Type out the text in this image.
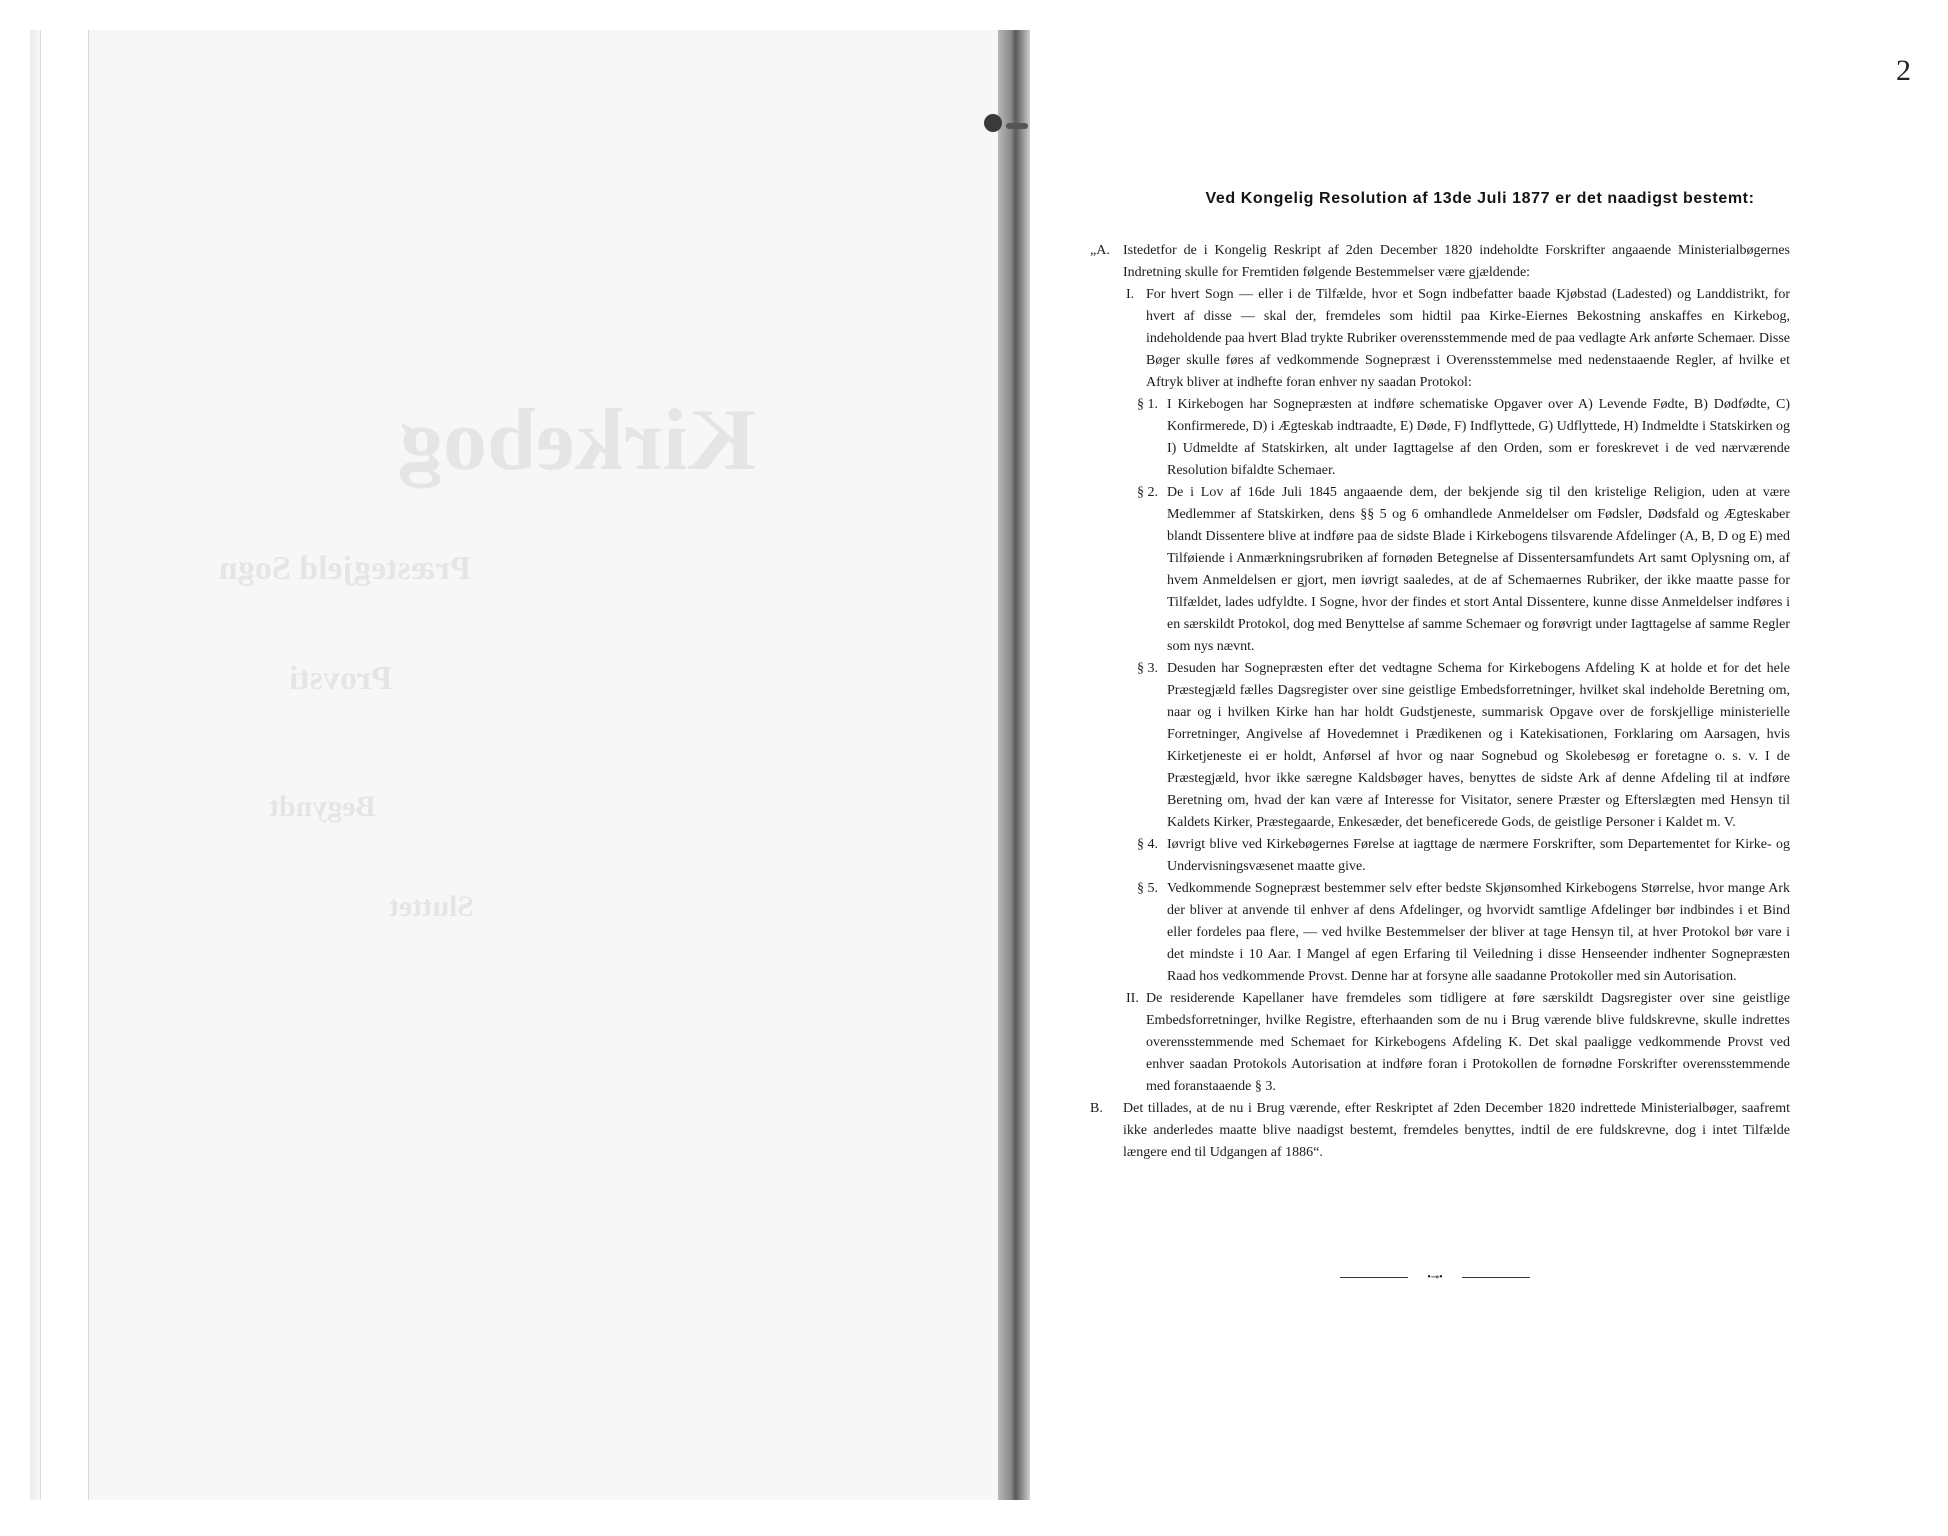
Kirkebog
Præstegjeld Sogn
Provsti
Begyndt
Sluttet
2
Ved Kongelig Resolution af 13de Juli 1877 er det naadigst bestemt:
„A. Istedetfor de i Kongelig Reskript af 2den December 1820 indeholdte Forskrifter angaaende Ministerialbøgernes Indretning skulle for Fremtiden følgende Bestemmelser være gjældende:
I. For hvert Sogn — eller i de Tilfælde, hvor et Sogn indbefatter baade Kjøbstad (Ladested) og Landdistrikt, for hvert af disse — skal der, fremdeles som hidtil paa Kirke-Eiernes Bekostning anskaffes en Kirkebog, indeholdende paa hvert Blad trykte Rubriker overensstemmende med de paa vedlagte Ark anførte Schemaer. Disse Bøger skulle føres af vedkommende Sognepræst i Overensstemmelse med nedenstaaende Regler, af hvilke et Aftryk bliver at indhefte foran enhver ny saadan Protokol:
§ 1. I Kirkebogen har Sognepræsten at indføre schematiske Opgaver over A) Levende Fødte, B) Dødfødte, C) Konfirmerede, D) i Ægteskab indtraadte, E) Døde, F) Indflyttede, G) Udflyttede, H) Indmeldte i Statskirken og I) Udmeldte af Statskirken, alt under Iagttagelse af den Orden, som er foreskrevet i de ved nærværende Resolution bifaldte Schemaer.
§ 2. De i Lov af 16de Juli 1845 angaaende dem, der bekjende sig til den kristelige Religion, uden at være Medlemmer af Statskirken, dens §§ 5 og 6 omhandlede Anmeldelser om Fødsler, Dødsfald og Ægteskaber blandt Dissentere blive at indføre paa de sidste Blade i Kirkebogens tilsvarende Afdelinger (A, B, D og E) med Tilføiende i Anmærkningsrubriken af fornøden Betegnelse af Dissentersamfundets Art samt Oplysning om, af hvem Anmeldelsen er gjort, men iøvrigt saaledes, at de af Schemaernes Rubriker, der ikke maatte passe for Tilfældet, lades udfyldte. I Sogne, hvor der findes et stort Antal Dissentere, kunne disse Anmeldelser indføres i en særskildt Protokol, dog med Benyttelse af samme Schemaer og forøvrigt under Iagttagelse af samme Regler som nys nævnt.
§ 3. Desuden har Sognepræsten efter det vedtagne Schema for Kirkebogens Afdeling K at holde et for det hele Præstegjæld fælles Dagsregister over sine geistlige Embedsforretninger, hvilket skal indeholde Beretning om, naar og i hvilken Kirke han har holdt Gudstjeneste, summarisk Opgave over de forskjellige ministerielle Forretninger, Angivelse af Hovedemnet i Prædikenen og i Katekisationen, Forklaring om Aarsagen, hvis Kirketjeneste ei er holdt, Anførsel af hvor og naar Sognebud og Skolebesøg er foretagne o. s. v. I de Præstegjæld, hvor ikke særegne Kaldsbøger haves, benyttes de sidste Ark af denne Afdeling til at indføre Beretning om, hvad der kan være af Interesse for Visitator, senere Præster og Efterslægten med Hensyn til Kaldets Kirker, Præstegaarde, Enkesæder, det beneficerede Gods, de geistlige Personer i Kaldet m. V.
§ 4. Iøvrigt blive ved Kirkebøgernes Førelse at iagttage de nærmere Forskrifter, som Departementet for Kirke- og Undervisningsvæsenet maatte give.
§ 5. Vedkommende Sognepræst bestemmer selv efter bedste Skjønsomhed Kirkebogens Størrelse, hvor mange Ark der bliver at anvende til enhver af dens Afdelinger, og hvorvidt samtlige Afdelinger bør indbindes i et Bind eller fordeles paa flere, — ved hvilke Bestemmelser der bliver at tage Hensyn til, at hver Protokol bør vare i det mindste i 10 Aar. I Mangel af egen Erfaring til Veiledning i disse Henseender indhenter Sognepræsten Raad hos vedkommende Provst. Denne har at forsyne alle saadanne Protokoller med sin Autorisation.
II. De residerende Kapellaner have fremdeles som tidligere at føre særskildt Dagsregister over sine geistlige Embedsforretninger, hvilke Registre, efterhaanden som de nu i Brug værende blive fuldskrevne, skulle indrettes overensstemmende med Schemaet for Kirkebogens Afdeling K. Det skal paaligge vedkommende Provst ved enhver saadan Protokols Autorisation at indføre foran i Protokollen de fornødne Forskrifter overensstemmende med foranstaaende § 3.
B. Det tillades, at de nu i Brug værende, efter Reskriptet af 2den December 1820 indrettede Ministerialbøger, saafremt ikke anderledes maatte blive naadigst bestemt, fremdeles benyttes, indtil de ere fuldskrevne, dog i intet Tilfælde længere end til Udgangen af 1886“.
•⊸•
